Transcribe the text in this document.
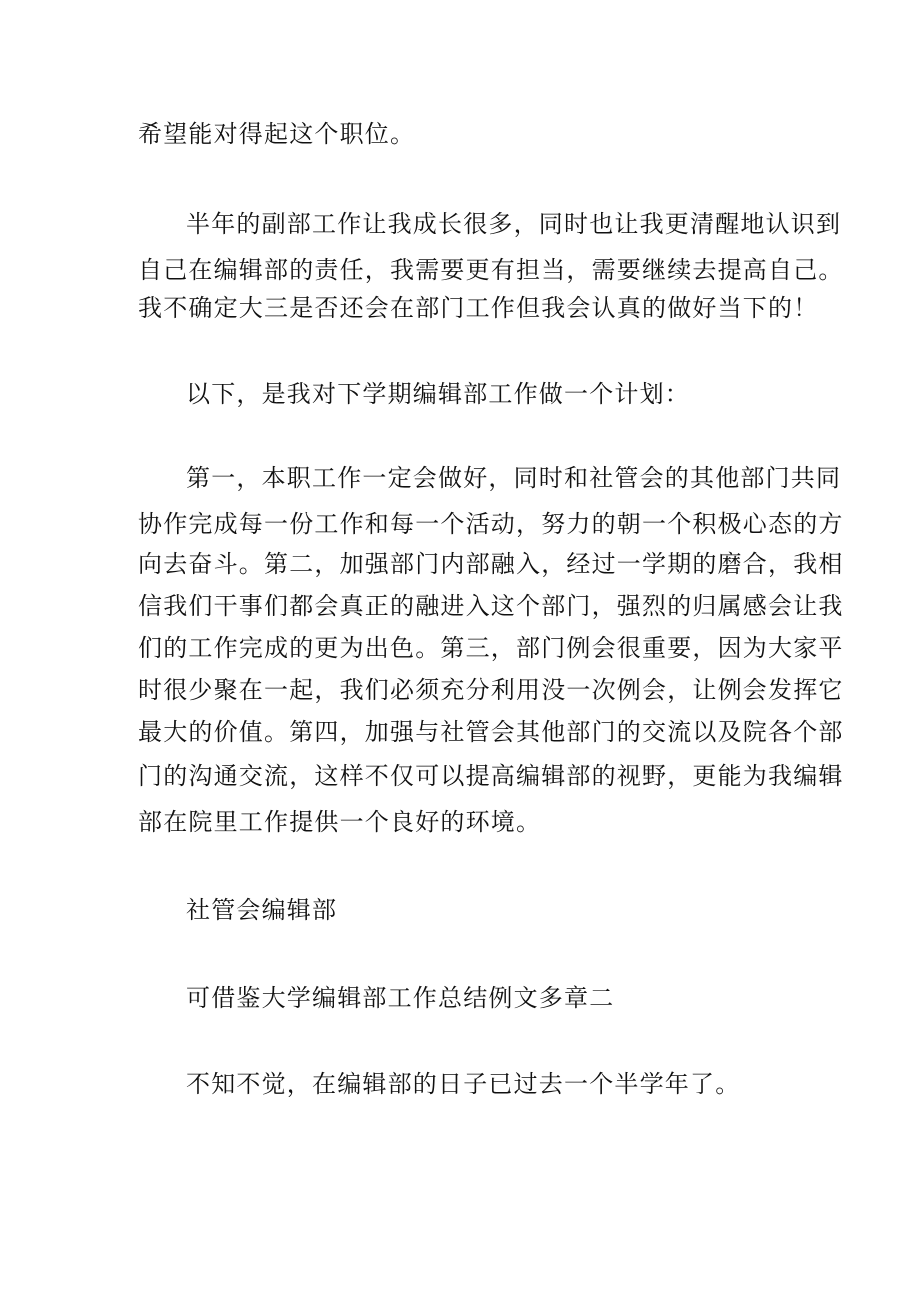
希望能对得起这个职位。
半年的副部工作让我成长很多，同时也让我更清醒地认识到
自己在编辑部的责任，我需要更有担当，需要继续去提高自己。
我不确定大三是否还会在部门工作但我会认真的做好当下的！
以下，是我对下学期编辑部工作做一个计划：
第一，本职工作一定会做好，同时和社管会的其他部门共同
协作完成每一份工作和每一个活动，努力的朝一个积极心态的方
向去奋斗。第二，加强部门内部融入，经过一学期的磨合，我相
信我们干事们都会真正的融进入这个部门，强烈的归属感会让我
们的工作完成的更为出色。第三，部门例会很重要，因为大家平
时很少聚在一起，我们必须充分利用没一次例会，让例会发挥它
最大的价值。第四，加强与社管会其他部门的交流以及院各个部
门的沟通交流，这样不仅可以提高编辑部的视野，更能为我编辑
部在院里工作提供一个良好的环境。
社管会编辑部
可借鉴大学编辑部工作总结例文多章二
不知不觉，在编辑部的日子已过去一个半学年了。
